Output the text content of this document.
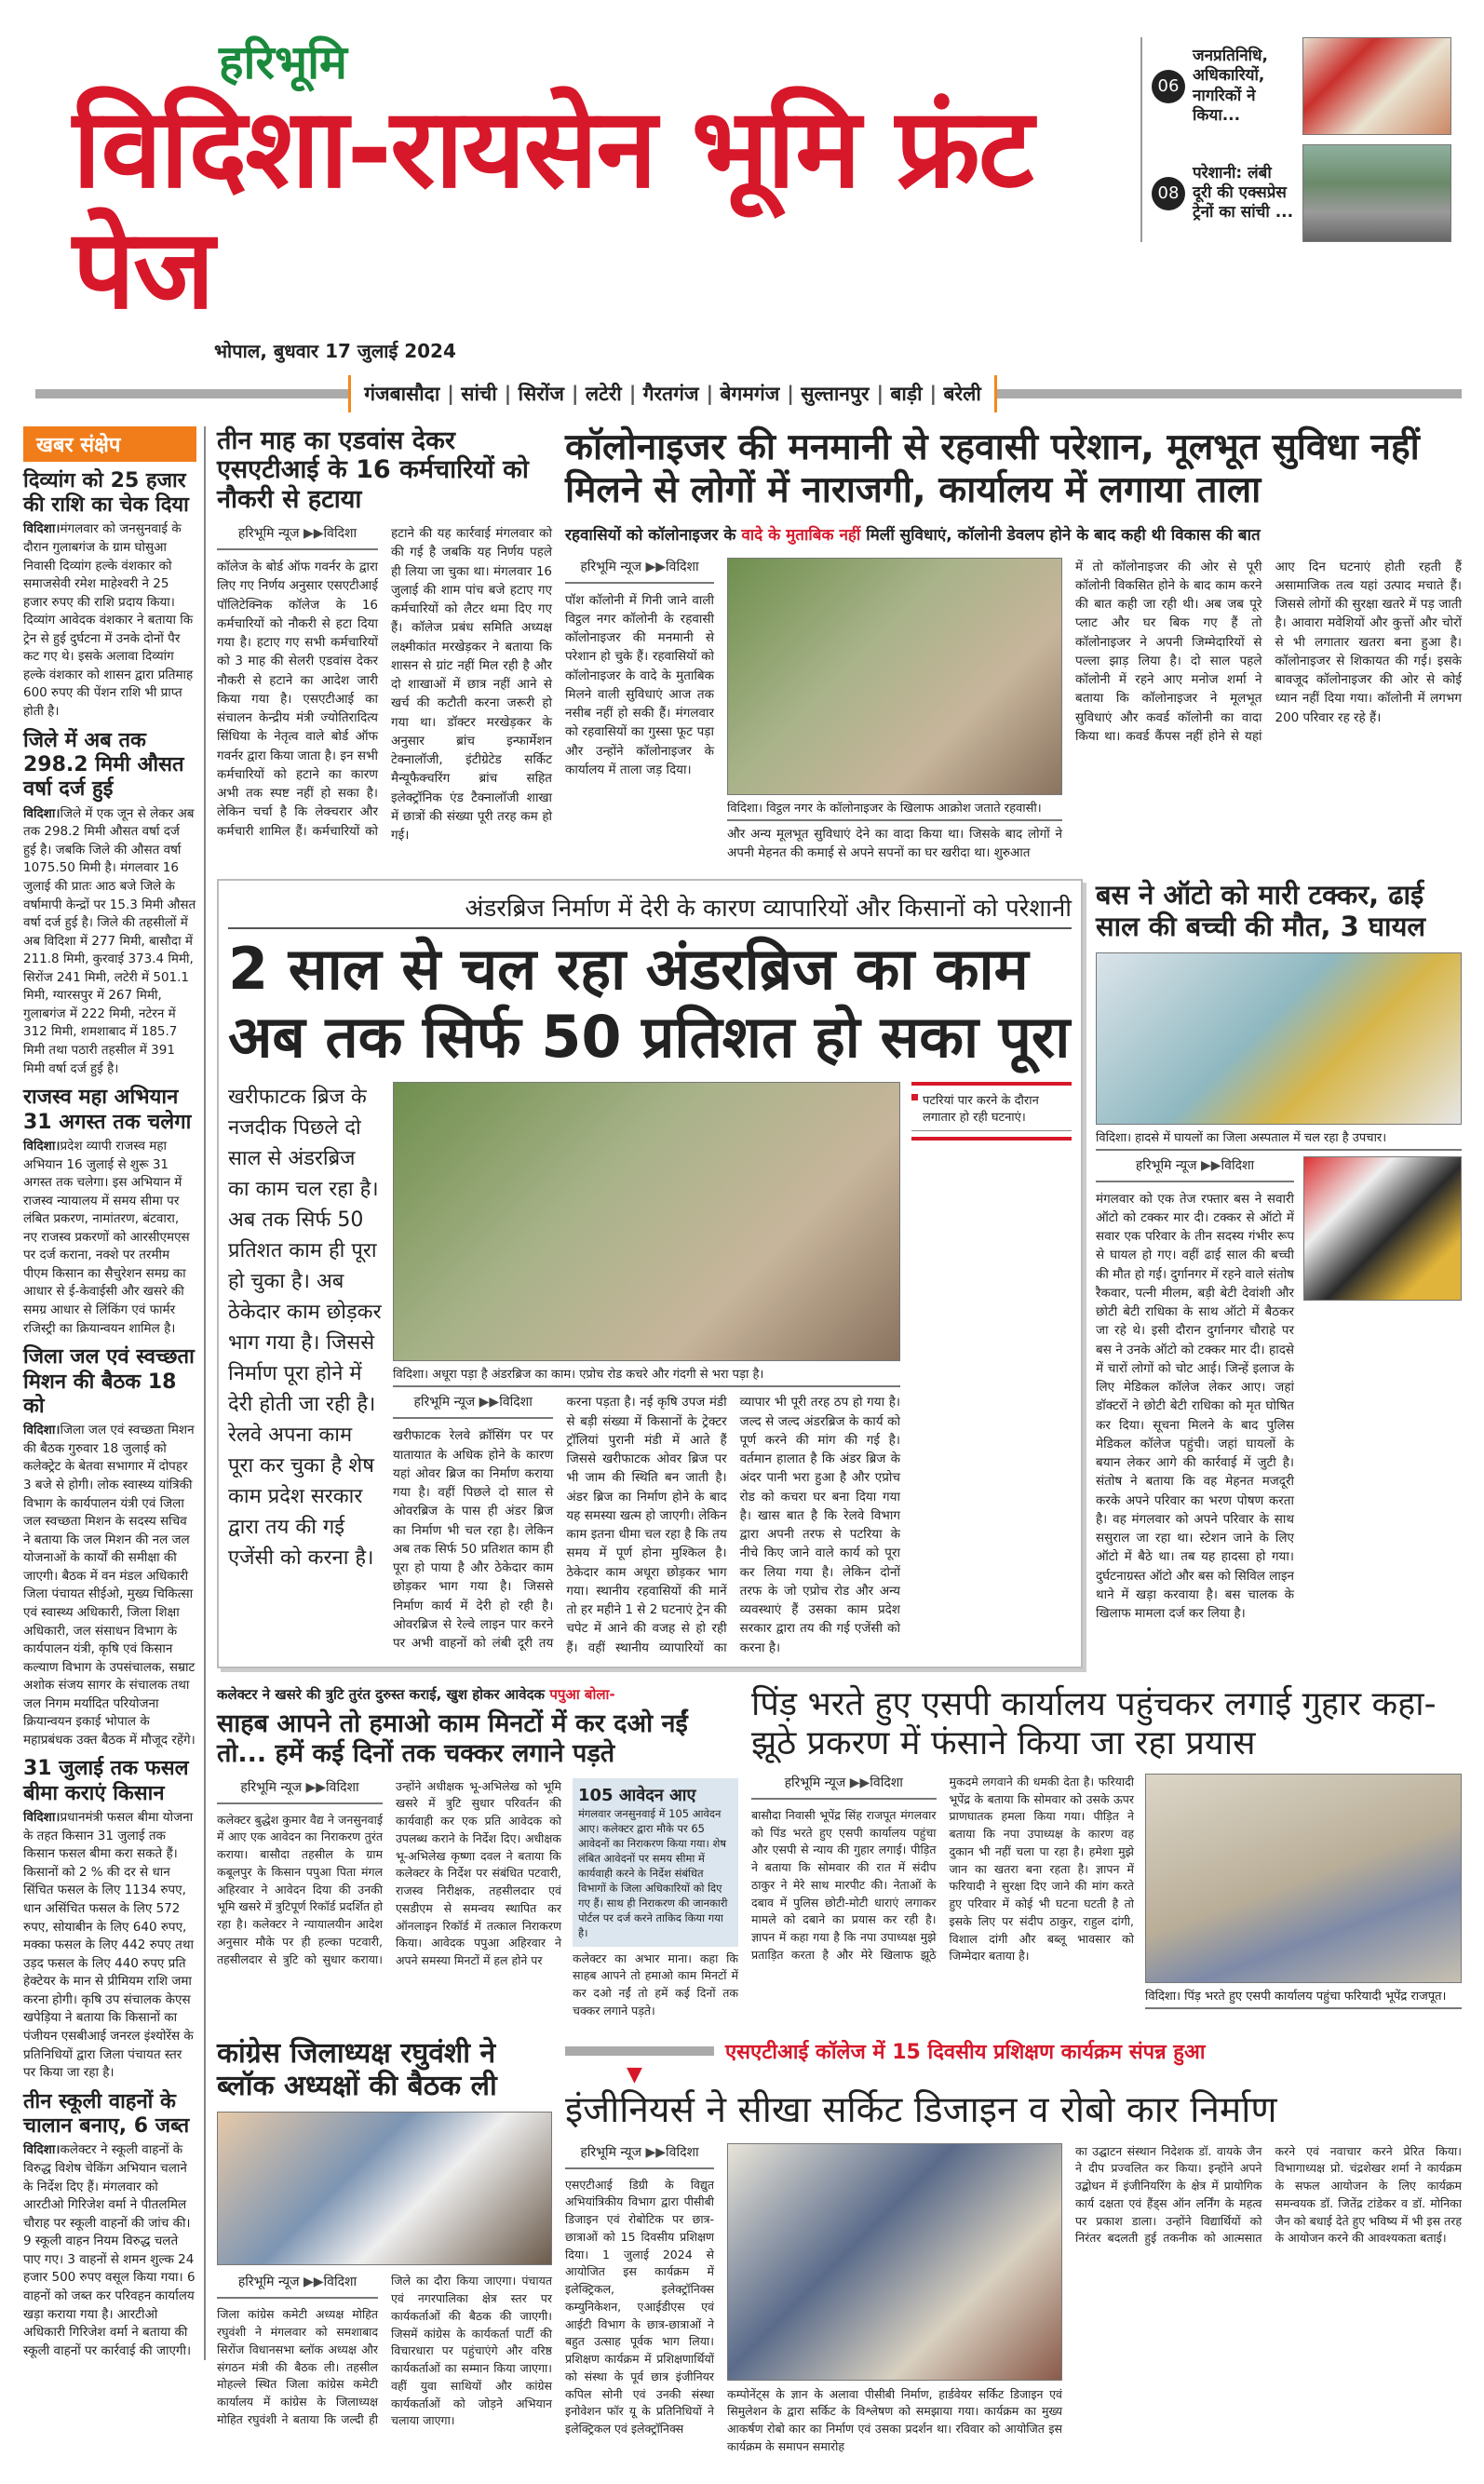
हरिभूमि
विदिशा-रायसेन भूमि फ्रंट पेज
भोपाल, बुधवार 17 जुलाई 2024
06
जनप्रतिनिधि, अधिकारियों, नागरिकों ने किया...
08
परेशानी: लंबी दूरी की एक्सप्रेस ट्रेनों का सांची ...
गंजबासौदा	| सांची	| सिरोंज	| लटेरी	| गैरतगंज	| बेगमगंज	| सुल्तानपुर	| बाड़ी	| बरेली
खबर संक्षेप
दिव्यांग को 25 हजार की राशि का चेक दिया

विदिशा।मंगलवार को जनसुनवाई के दौरान गुलाबगंज के ग्राम घोसुआ निवासी दिव्यांग हल्के वंशकार को समाजसेवी रमेश माहेश्वरी ने 25 हजार रुपए की राशि प्रदाय किया। दिव्यांग आवेदक वंशकार ने बताया कि ट्रेन से हुई दुर्घटना में उनके दोनों पैर कट गए थे। इसके अलावा दिव्यांग हल्के वंशकार को शासन द्वारा प्रतिमाह 600 रुपए की पेंशन राशि भी प्राप्त होती है।

जिले में अब तक 298.2 मिमी औसत वर्षा दर्ज हुई

विदिशा।जिले में एक जून से लेकर अब तक 298.2 मिमी औसत वर्षा दर्ज हुई है। जबकि जिले की औसत वर्षा 1075.50 मिमी है। मंगलवार 16 जुलाई की प्रातः आठ बजे जिले के वर्षामापी केन्द्रों पर 15.3 मिमी औसत वर्षा दर्ज हुई है। जिले की तहसीलों में अब विदिशा में 277 मिमी, बासौदा में 211.8 मिमी, कुरवाई 373.4 मिमी, सिरोंज 241 मिमी, लटेरी में 501.1 मिमी, ग्यारसपुर में 267 मिमी, गुलाबगंज में 222 मिमी, नटेरन में 312 मिमी, शमशाबाद में 185.7 मिमी तथा पठारी तहसील में 391 मिमी वर्षा दर्ज हुई है।

राजस्व महा अभियान 31 अगस्त तक चलेगा

विदिशा।प्रदेश व्यापी राजस्व महा अभियान 16 जुलाई से शुरू 31 अगस्त तक चलेगा। इस अभियान में राजस्व न्यायालय में समय सीमा पर लंबित प्रकरण, नामांतरण, बंटवारा, नए राजस्व प्रकरणों को आरसीएमएस पर दर्ज कराना, नक्शे पर तरमीम पीएम किसान का सैचुरेशन समग्र का आधार से ई-केवाईसी और खसरे की समग्र आधार से लिंकिंग एवं फार्मर रजिस्ट्री का क्रियान्वयन शामिल है।

जिला जल एवं स्वच्छता मिशन की बैठक 18 को

विदिशा।जिला जल एवं स्वच्छता मिशन की बैठक गुरुवार 18 जुलाई को कलेक्ट्रेट के बेतवा सभागार में दोपहर 3 बजे से होगी। लोक स्वास्थ्य यांत्रिकी विभाग के कार्यपालन यंत्री एवं जिला जल स्वच्छता मिशन के सदस्य सचिव ने बताया कि जल मिशन की नल जल योजनाओं के कार्यों की समीक्षा की जाएगी। बैठक में वन मंडल अधिकारी जिला पंचायत सीईओ, मुख्य चिकित्सा एवं स्वास्थ्य अधिकारी, जिला शिक्षा अधिकारी, जल संसाधन विभाग के कार्यपालन यंत्री, कृषि एवं किसान कल्याण विभाग के उपसंचालक, सम्राट अशोक संजय सागर के संचालक तथा जल निगम मर्यादित परियोजना क्रियान्वयन इकाई भोपाल के महाप्रबंधक उक्त बैठक में मौजूद रहेंगे।

31 जुलाई तक फसल बीमा कराएं किसान

विदिशा।प्रधानमंत्री फसल बीमा योजना के तहत किसान 31 जुलाई तक किसान फसल बीमा करा सकते हैं। किसानों को 2 % की दर से धान सिंचित फसल के लिए 1134 रुपए, धान असिंचित फसल के लिए 572 रुपए, सोयाबीन के लिए 640 रुपए, मक्का फसल के लिए 442 रुपए तथा उड़द फसल के लिए 440 रुपए प्रति हेक्टेयर के मान से प्रीमियम राशि जमा करना होगी। कृषि उप संचालक केएस खपेड़िया ने बताया कि किसानों का पंजीयन एसबीआई जनरल इंश्योरेंस के प्रतिनिधियों द्वारा जिला पंचायत स्तर पर किया जा रहा है।

तीन स्कूली वाहनों के चालान बनाए, 6 जब्त

विदिशा।कलेक्टर ने स्कूली वाहनों के विरुद्ध विशेष चेकिंग अभियान चलाने के निर्देश दिए हैं। मंगलवार को आरटीओ गिरिजेश वर्मा ने पीतलमिल चौराह पर स्कूली वाहनों की जांच की। 9 स्कूली वाहन नियम विरुद्ध चलते पाए गए। 3 वाहनों से शमन शुल्क 24 हजार 500 रुपए वसूल किया गया। 6 वाहनों को जब्त कर परिवहन कार्यालय खड़ा कराया गया है। आरटीओ अधिकारी गिरिजेश वर्मा ने बताया की स्कूली वाहनों पर कार्रवाई की जाएगी।

तीन माह का एडवांस देकर एसएटीआई के 16 कर्मचारियों को नौकरी से हटाया
हरिभूमि न्यूज ▶▶विदिशा
कॉलेज के बोर्ड ऑफ गवर्नर के द्वारा लिए गए निर्णय अनुसार एसएटीआई पॉलिटेक्निक कॉलेज के 16 कर्मचारियों को नौकरी से हटा दिया गया है। हटाए गए सभी कर्मचारियों को 3 माह की सेलरी एडवांस देकर नौकरी से हटाने का आदेश जारी किया गया है। एसएटीआई का संचालन केन्द्रीय मंत्री ज्योतिरादित्य सिंधिया के नेतृत्व वाले बोर्ड ऑफ गवर्नर द्वारा किया जाता है। इन सभी कर्मचारियों को हटाने का कारण अभी तक स्पष्ट नहीं हो सका है। लेकिन चर्चा है कि लेक्चरार और कर्मचारी शामिल हैं। कर्मचारियों को हटाने की यह कार्रवाई मंगलवार को की गई है जबकि यह निर्णय पहले ही लिया जा चुका था। मंगलवार 16 जुलाई की शाम पांच बजे हटाए गए कर्मचारियों को लैटर थमा दिए गए हैं। कॉलेज प्रबंध समिति अध्यक्ष लक्ष्मीकांत मरखेड़कर ने बताया कि शासन से ग्रांट नहीं मिल रही है और दो शाखाओं में छात्र नहीं आने से खर्च की कटौती करना जरूरी हो गया था। डॉक्टर मरखेड़कर के अनुसार ब्रांच इन्फार्मेशन टेक्नालॉजी, इंटीग्रेटेड सर्किट मैन्यूफैक्चरिंग ब्रांच सहित इलेक्ट्रॉनिक एंड टैक्नालॉजी शाखा में छात्रों की संख्या पूरी तरह कम हो गई।
कॉलोनाइजर की मनमानी से रहवासी परेशान, मूलभूत सुविधा नहीं मिलने से लोगों में नाराजगी, कार्यालय में लगाया ताला
रहवासियों को कॉलोनाइजर के वादे के मुताबिक नहीं मिलीं सुविधाएं, कॉलोनी डेवलप होने के बाद कही थी विकास की बात
हरिभूमि न्यूज ▶▶विदिशा
पॉश कॉलोनी में गिनी जाने वाली विट्ठल नगर कॉलोनी के रहवासी कॉलोनाइजर की मनमानी से परेशान हो चुके हैं। रहवासियों को कॉलोनाइजर के वादे के मुताबिक मिलने वाली सुविधाएं आज तक नसीब नहीं हो सकी हैं। मंगलवार को रहवासियों का गुस्सा फूट पड़ा और उन्होंने कॉलोनाइजर के कार्यालय में ताला जड़ दिया।
विदिशा। विट्ठल नगर के कॉलोनाइजर के खिलाफ आक्रोश जताते रहवासी।
और अन्य मूलभूत सुविधाएं देने का वादा किया था। जिसके बाद लोगों ने अपनी मेहनत की कमाई से अपने सपनों का घर खरीदा था। शुरुआत
में तो कॉलोनाइजर की ओर से पूरी कॉलोनी विकसित होने के बाद काम करने की बात कही जा रही थी। अब जब पूरे प्लाट और घर बिक गए हैं तो कॉलोनाइजर ने अपनी जिम्मेदारियों से पल्ला झाड़ लिया है। दो साल पहले कॉलोनी में रहने आए मनोज शर्मा ने बताया कि कॉलोनाइजर ने मूलभूत सुविधाएं और कवर्ड कॉलोनी का वादा किया था। कवर्ड कैंपस नहीं होने से यहां आए दिन घटनाएं होती रहती हैं असामाजिक तत्व यहां उत्पाद मचाते हैं। जिससे लोगों की सुरक्षा खतरे में पड़ जाती है। आवारा मवेशियों और कुत्तों और चोरों से भी लगातार खतरा बना हुआ है। कॉलोनाइजर से शिकायत की गई। इसके बावजूद कॉलोनाइजर की ओर से कोई ध्यान नहीं दिया गया। कॉलोनी में लगभग 200 परिवार रह रहे हैं।
अंडरब्रिज निर्माण में देरी के कारण व्यापारियों और किसानों को परेशानी
2 साल से चल रहा अंडरब्रिज का काम अब तक सिर्फ 50 प्रतिशत हो सका पूरा
खरीफाटक ब्रिज के नजदीक पिछले दो साल से अंडरब्रिज का काम चल रहा है। अब तक सिर्फ 50 प्रतिशत काम ही पूरा हो चुका है। अब ठेकेदार काम छोड़कर भाग गया है। जिससे निर्माण पूरा होने में देरी होती जा रही है।रेलवे अपना काम पूरा कर चुका है शेष काम प्रदेश सरकार द्वारा तय की गई एजेंसी को करना है।
विदिशा। अधूरा पड़ा है अंडरब्रिज का काम। एप्रोच रोड कचरे और गंदगी से भरा पड़ा है।
हरिभूमि न्यूज ▶▶विदिशा
खरीफाटक रेलवे क्रॉसिंग पर पर यातायात के अधिक होने के कारण यहां ओवर ब्रिज का निर्माण कराया गया है। वहीं पिछले दो साल से ओवरब्रिज के पास ही अंडर ब्रिज का निर्माण भी चल रहा है। लेकिन अब तक सिर्फ 50 प्रतिशत काम ही पूरा हो पाया है और ठेकेदार काम छोड़कर भाग गया है। जिससे निर्माण कार्य में देरी हो रही है। ओवरब्रिज से रेल्वे लाइन पार करने पर अभी वाहनों को लंबी दूरी तय करना पड़ता है। नई कृषि उपज मंडी से बड़ी संख्या में किसानों के ट्रेक्टर ट्रॉलियां पुरानी मंडी में आते हैं जिससे खरीफाटक ओवर ब्रिज पर भी जाम की स्थिति बन जाती है। अंडर ब्रिज का निर्माण होने के बाद यह समस्या खत्म हो जाएगी। लेकिन काम इतना धीमा चल रहा है कि तय समय में पूर्ण होना मुश्किल है। ठेकेदार काम अधूरा छोड़कर भाग गया। स्थानीय रहवासियों की मानें तो हर महीने 1 से 2 घटनाएं ट्रेन की चपेट में आने की वजह से हो रही हैं। वहीं स्थानीय व्यापारियों का व्यापार भी पूरी तरह ठप हो गया है। जल्द से जल्द अंडरब्रिज के कार्य को पूर्ण करने की मांग की गई है। वर्तमान हालात है कि अंडर ब्रिज के अंदर पानी भरा हुआ है और एप्रोच रोड को कचरा घर बना दिया गया है। खास बात है कि रेलवे विभाग द्वारा अपनी तरफ से पटरिया के नीचे किए जाने वाले कार्य को पूरा कर लिया गया है। लेकिन दोनों तरफ के जो एप्रोच रोड और अन्य व्यवस्थाएं हैं उसका काम प्रदेश सरकार द्वारा तय की गई एजेंसी को करना है।
पटरियां पार करने के दौरान लगातार हो रही घटनाएं।
बस ने ऑटो को मारी टक्कर, ढाई साल की बच्ची की मौत, 3 घायल
विदिशा। हादसे में घायलों का जिला अस्पताल में चल रहा है उपचार।
हरिभूमि न्यूज ▶▶विदिशा
मंगलवार को एक तेज रफ्तार बस ने सवारी ऑटो को टक्कर मार दी। टक्कर से ऑटो में सवार एक परिवार के तीन सदस्य गंभीर रूप से घायल हो गए। वहीं ढाई साल की बच्ची की मौत हो गई। दुर्गानगर में रहने वाले संतोष रैकवार, पत्नी मीलम, बड़ी बेटी देवांशी और छोटी बेटी राधिका के साथ ऑटो में बैठकर जा रहे थे। इसी दौरान दुर्गानगर चौराहे पर बस ने उनके ऑटो को टक्कर मार दी। हादसे में चारों लोगों को चोट आई। जिन्हें इलाज के लिए मेडिकल कॉलेज लेकर आए। जहां डॉक्टरों ने छोटी बेटी राधिका को मृत घोषित कर दिया। सूचना मिलने के बाद पुलिस मेडिकल कॉलेज पहुंची। जहां घायलों के बयान लेकर आगे की कार्रवाई में जुटी है। संतोष ने बताया कि वह मेहनत मजदूरी करके अपने परिवार का भरण पोषण करता है। वह मंगलवार को अपने परिवार के साथ ससुराल जा रहा था। स्टेशन जाने के लिए ऑटो में बैठे था। तब यह हादसा हो गया। दुर्घटनाग्रस्त ऑटो और बस को सिविल लाइन थाने में खड़ा करवाया है। बस चालक के खिलाफ मामला दर्ज कर लिया है।
कलेक्टर ने खसरे की त्रुटि तुरंत दुरुस्त कराई, खुश होकर आवेदक पपुआ बोला-
साहब आपने तो हमाओ काम मिनटों में कर दओ नईं तो... हमें कई दिनों तक चक्कर लगाने पड़ते
हरिभूमि न्यूज ▶▶विदिशा
कलेक्टर बुद्धेश कुमार वैद्य ने जनसुनवाई में आए एक आवेदन का निराकरण तुरंत कराया। बासौदा तहसील के ग्राम कबूलपुर के किसान पपुआ पिता मंगल अहिरवार ने आवेदन दिया की उनकी भूमि खसरे में त्रुटिपूर्ण रिकॉर्ड प्रदर्शित हो रहा है। कलेक्टर ने न्यायालयीन आदेश अनुसार मौके पर ही हल्का पटवारी, तहसीलदार से त्रुटि को सुधार कराया। उन्होंने अधीक्षक भू-अभिलेख को भूमि खसरे में त्रुटि सुधार परिवर्तन की कार्यवाही कर एक प्रति आवेदक को उपलब्ध कराने के निर्देश दिए। अधीक्षक भू-अभिलेख कृष्णा दवल ने बताया कि कलेक्टर के निर्देश पर संबंधित पटवारी, राजस्व निरीक्षक, तहसीलदार एवं एसडीएम से समन्वय स्थापित कर ऑनलाइन रिकॉर्ड में तत्काल निराकरण किया। आवेदक पपुआ अहिरवार ने अपने समस्या मिनटों में हल होने पर
105 आवेदन आए
मंगलवार जनसुनवाई में 105 आवेदन आए। कलेक्टर द्वारा मौके पर 65 आवेदनों का निराकरण किया गया। शेष लंबित आवेदनों पर समय सीमा में कार्यवाही करने के निर्देश संबंधित विभागों के जिला अधिकारियों को दिए गए हैं। साथ ही निराकरण की जानकारी पोर्टल पर दर्ज करने ताकिद किया गया है।
कलेक्टर का अभार माना। कहा कि साहब आपने तो हमाओ काम मिनटों में कर दओ नईं तो हमें कई दिनों तक चक्कर लगाने पड़ते।
पिंड़ भरते हुए एसपी कार्यालय पहुंचकर लगाई गुहार कहा- झूठे प्रकरण में फंसाने किया जा रहा प्रयास
हरिभूमि न्यूज ▶▶विदिशा
बासौदा निवासी भूपेंद्र सिंह राजपूत मंगलवार को पिंड भरते हुए एसपी कार्यालय पहुंचा और एसपी से न्याय की गुहार लगाई। पीड़ित ने बताया कि सोमवार की रात में संदीप ठाकुर ने मेरे साथ मारपीट की। नेताओं के दबाव में पुलिस छोटी-मोटी धाराएं लगाकर मामले को दबाने का प्रयास कर रही है। ज्ञापन में कहा गया है कि नपा उपाध्यक्ष मुझे प्रताड़ित करता है और मेरे खिलाफ झूठे मुकदमे लगवाने की धमकी देता है। फरियादी भूपेंद्र के बताया कि सोमवार को उसके ऊपर प्राणघातक हमला किया गया। पीड़ित ने बताया कि नपा उपाध्यक्ष के कारण वह दुकान भी नहीं चला पा रहा है। हमेशा मुझे जान का खतरा बना रहता है। ज्ञापन में फरियादी ने सुरक्षा दिए जाने की मांग करते हुए परिवार में कोई भी घटना घटती है तो इसके लिए पर संदीप ठाकुर, राहुल दांगी, विशाल दांगी और बब्लू भावसार को जिम्मेदार बताया है।
विदिशा। पिंड़ भरते हुए एसपी कार्यालय पहुंचा फरियादी भूपेंद्र राजपूत।
कांग्रेस जिलाध्यक्ष रघुवंशी ने ब्लॉक अध्यक्षों की बैठक ली
हरिभूमि न्यूज ▶▶विदिशा
जिला कांग्रेस कमेटी अध्यक्ष मोहित रघुवंशी ने मंगलवार को समशाबाद सिरोंज विधानसभा ब्लॉक अध्यक्ष और संगठन मंत्री की बैठक ली। तहसील मोहल्ले स्थित जिला कांग्रेस कमेटी कार्यालय में कांग्रेस के जिलाध्यक्ष मोहित रघुवंशी ने बताया कि जल्दी ही जिले का दौरा किया जाएगा। पंचायत एवं नगरपालिका क्षेत्र स्तर पर कार्यकर्ताओं की बैठक की जाएगी। जिसमें कांग्रेस के कार्यकर्ता पार्टी की विचारधारा पर पहुंचाएंगे और वरिष्ठ कार्यकर्ताओं का सम्मान किया जाएगा। वहीं युवा साथियों और कांग्रेस कार्यकर्ताओं को जोड़ने अभियान चलाया जाएगा।
एसएटीआई कॉलेज में 15 दिवसीय प्रशिक्षण कार्यक्रम संपन्न हुआ
▼
इंजीनियर्स ने सीखा सर्किट डिजाइन व रोबो कार निर्माण
हरिभूमि न्यूज ▶▶विदिशा
एसएटीआई डिग्री के विद्युत अभियांत्रिकीय विभाग द्वारा पीसीबी डिजाइन एवं रोबोटिक पर छात्र-छात्राओं को 15 दिवसीय प्रशिक्षण दिया। 1 जुलाई 2024 से आयोजित इस कार्यक्रम में इलेक्ट्रिकल, इलेक्ट्रॉनिक्स कम्युनिकेशन, एआईडीएस एवं आईटी विभाग के छात्र-छात्राओं ने बहुत उत्साह पूर्वक भाग लिया। प्रशिक्षण कार्यक्रम में प्रशिक्षणार्थियों को संस्था के पूर्व छात्र इंजीनियर कपिल सोनी एवं उनकी संस्था इनोवेशन फॉर यू के प्रतिनिधियों ने इलेक्ट्रिकल एवं इलेक्ट्रॉनिक्स
कम्पोनेंट्स के ज्ञान के अलावा पीसीबी निर्माण, हार्डवेयर सर्किट डिजाइन एवं सिमुलेशन के द्वारा सर्किट के विश्लेषण को समझाया गया। कार्यक्रम का मुख्य आकर्षण रोबो कार का निर्माण एवं उसका प्रदर्शन था। रविवार को आयोजित इस कार्यक्रम के समापन समारोह
का उद्घाटन संस्थान निदेशक डॉ. वायके जैन ने दीप प्रज्वलित कर किया। इन्होंने अपने उद्बोधन में इंजीनियरिंग के क्षेत्र में प्रायोगिक कार्य दक्षता एवं हैंड्स ऑन लर्निंग के महत्व पर प्रकाश डाला। उन्होंने विद्यार्थियों को निरंतर बदलती हुई तकनीक को आत्मसात करने एवं नवाचार करने प्रेरित किया। विभागाध्यक्ष प्रो. चंद्रशेखर शर्मा ने कार्यक्रम के सफल आयोजन के लिए कार्यक्रम समन्वयक डॉ. जितेंद्र टांडेकर व डॉ. मोनिका जैन को बधाई देते हुए भविष्य में भी इस तरह के आयोजन करने की आवश्यकता बताई।
